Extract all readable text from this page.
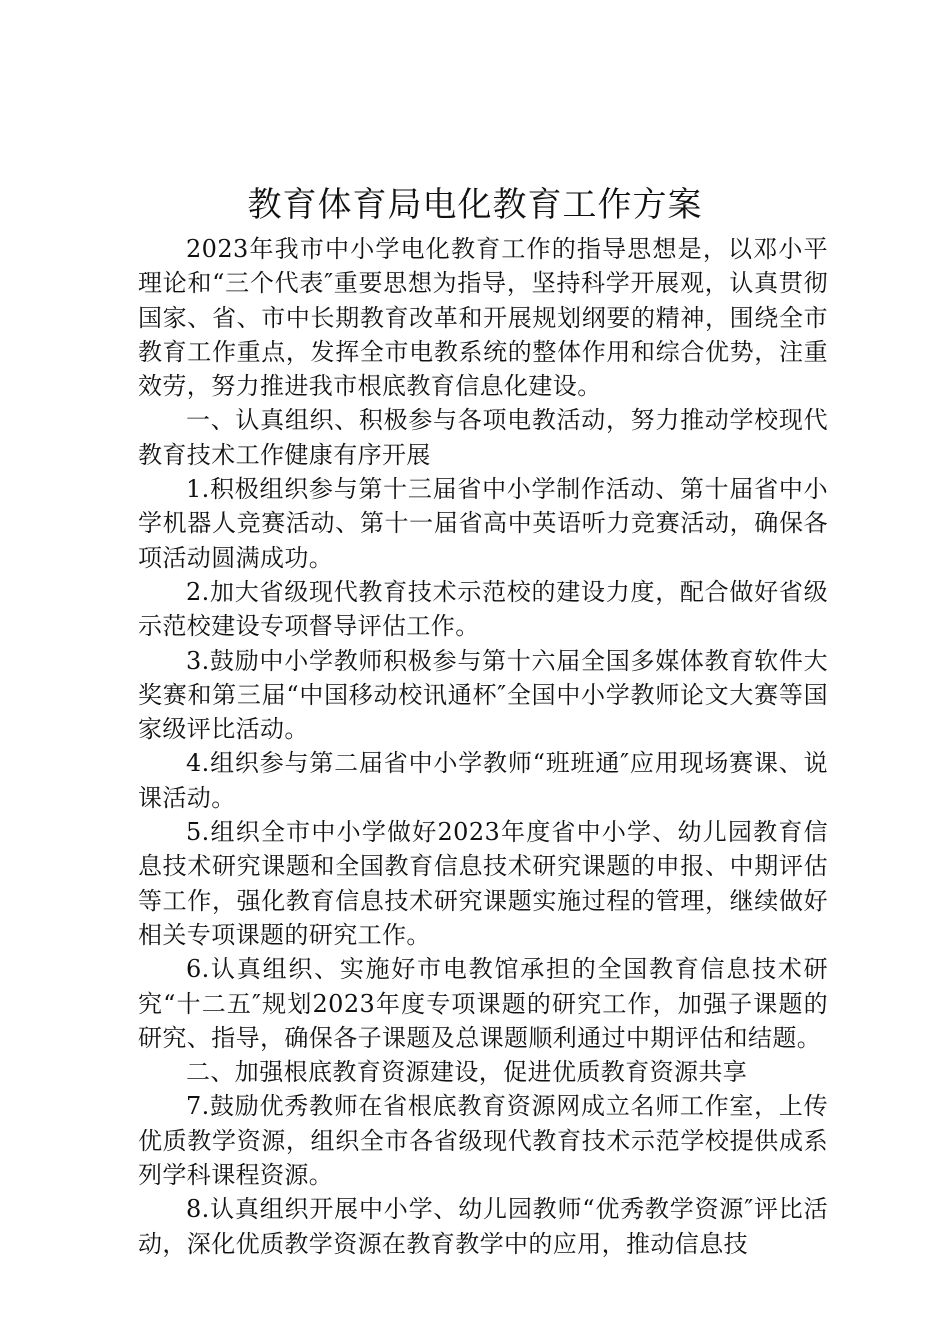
教育体育局电化教育工作方案

2023年我市中小学电化教育工作的指导思想是，以邓小平理论和“三个代表″重要思想为指导，坚持科学开展观，认真贯彻国家、省、市中长期教育改革和开展规划纲要的精神，围绕全市教育工作重点，发挥全市电教系统的整体作用和综合优势，注重效劳，努力推进我市根底教育信息化建设。

一、认真组织、积极参与各项电教活动，努力推动学校现代教育技术工作健康有序开展

1.积极组织参与第十三届省中小学制作活动、第十届省中小学机器人竞赛活动、第十一届省高中英语听力竞赛活动，确保各项活动圆满成功。

2.加大省级现代教育技术示范校的建设力度，配合做好省级示范校建设专项督导评估工作。

3.鼓励中小学教师积极参与第十六届全国多媒体教育软件大奖赛和第三届“中国移动校讯通杯″全国中小学教师论文大赛等国家级评比活动。

4.组织参与第二届省中小学教师“班班通″应用现场赛课、说课活动。

5.组织全市中小学做好2023年度省中小学、幼儿园教育信息技术研究课题和全国教育信息技术研究课题的申报、中期评估等工作，强化教育信息技术研究课题实施过程的管理，继续做好相关专项课题的研究工作。

6.认真组织、实施好市电教馆承担的全国教育信息技术研究“十二五″规划2023年度专项课题的研究工作，加强子课题的研究、指导，确保各子课题及总课题顺利通过中期评估和结题。

二、加强根底教育资源建设，促进优质教育资源共享

7.鼓励优秀教师在省根底教育资源网成立名师工作室，上传优质教学资源，组织全市各省级现代教育技术示范学校提供成系列学科课程资源。

8.认真组织开展中小学、幼儿园教师“优秀教学资源″评比活动，深化优质教学资源在教育教学中的应用，推动信息技
